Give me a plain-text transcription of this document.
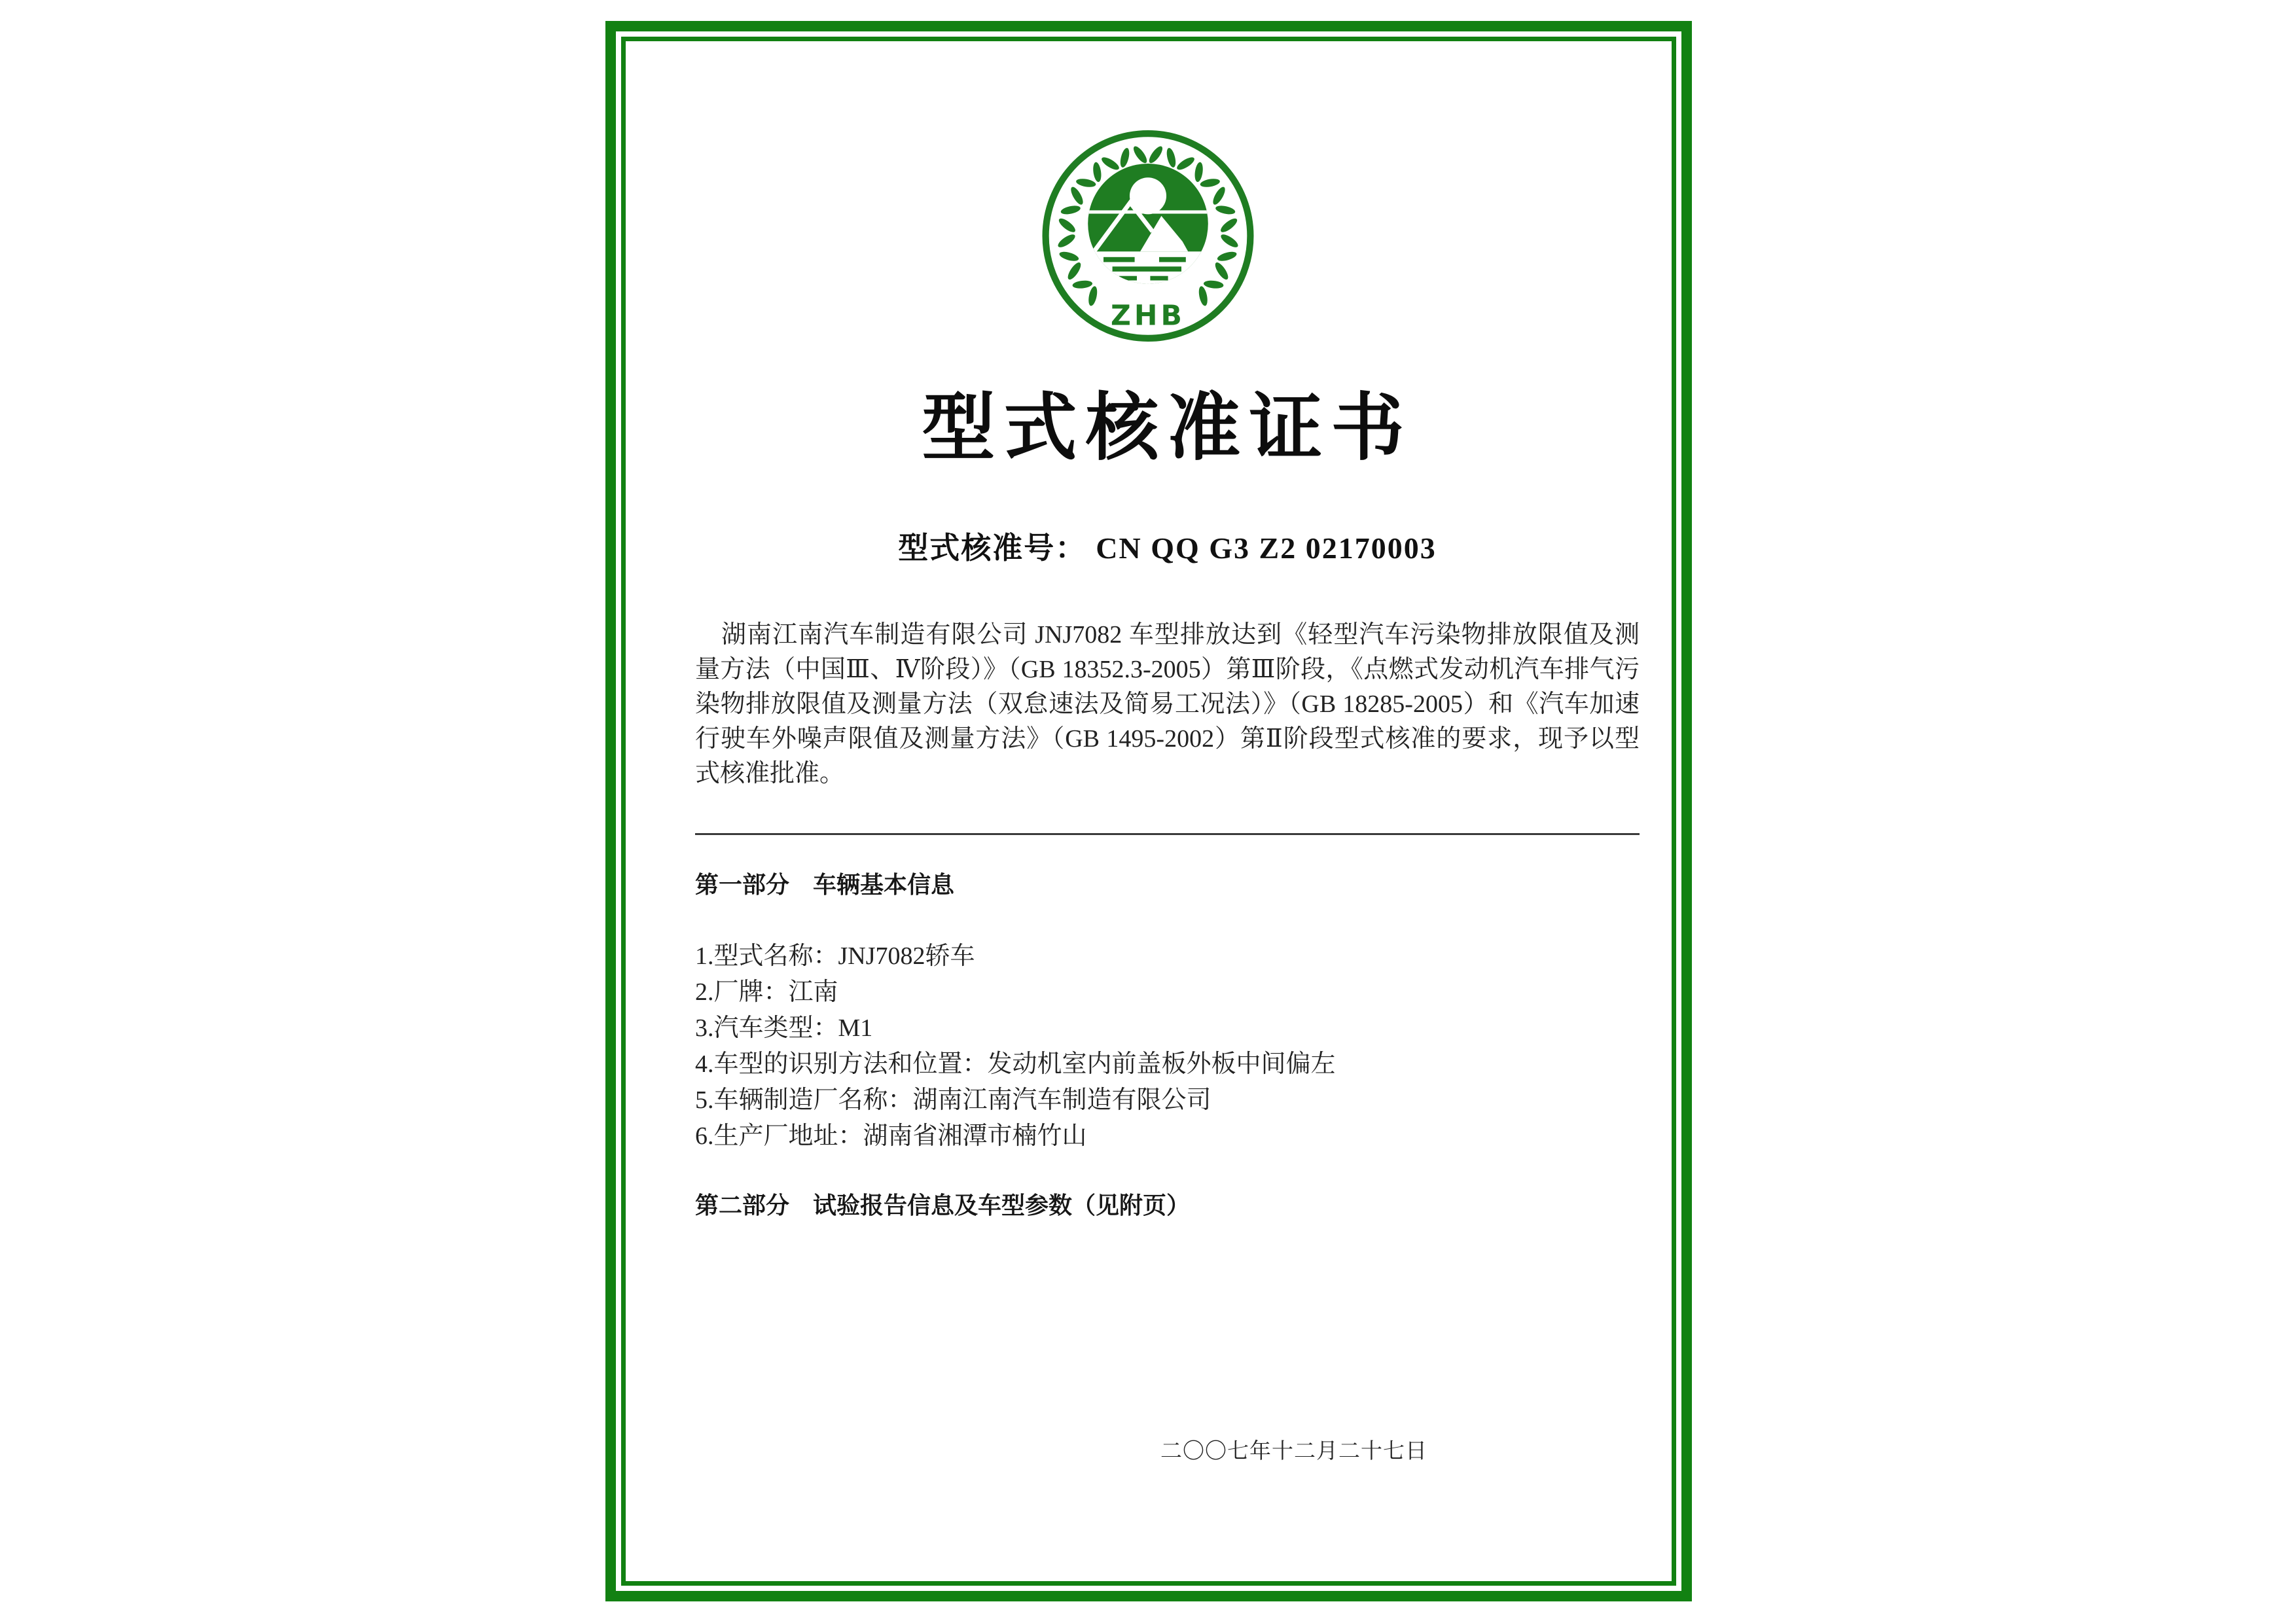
ZHB
型式核准证书
型式核准号： CN QQ G3 Z2 02170003
湖南江南汽车制造有限公司 JNJ7082 车型排放达到《轻型汽车污染物排放限值及测量方法（中国Ⅲ、Ⅳ阶段）》（GB 18352.3-2005）第Ⅲ阶段，《点燃式发动机汽车排气污染物排放限值及测量方法（双怠速法及简易工况法）》（GB 18285-2005）和《汽车加速行驶车外噪声限值及测量方法》（GB 1495-2002）第Ⅱ阶段型式核准的要求，现予以型式核准批准。
第一部分　车辆基本信息
1.型式名称：JNJ7082轿车
2.厂牌：江南
3.汽车类型：M1
4.车型的识别方法和位置：发动机室内前盖板外板中间偏左
5.车辆制造厂名称：湖南江南汽车制造有限公司
6.生产厂地址：湖南省湘潭市楠竹山
第二部分　试验报告信息及车型参数（见附页）
二〇〇七年十二月二十七日
